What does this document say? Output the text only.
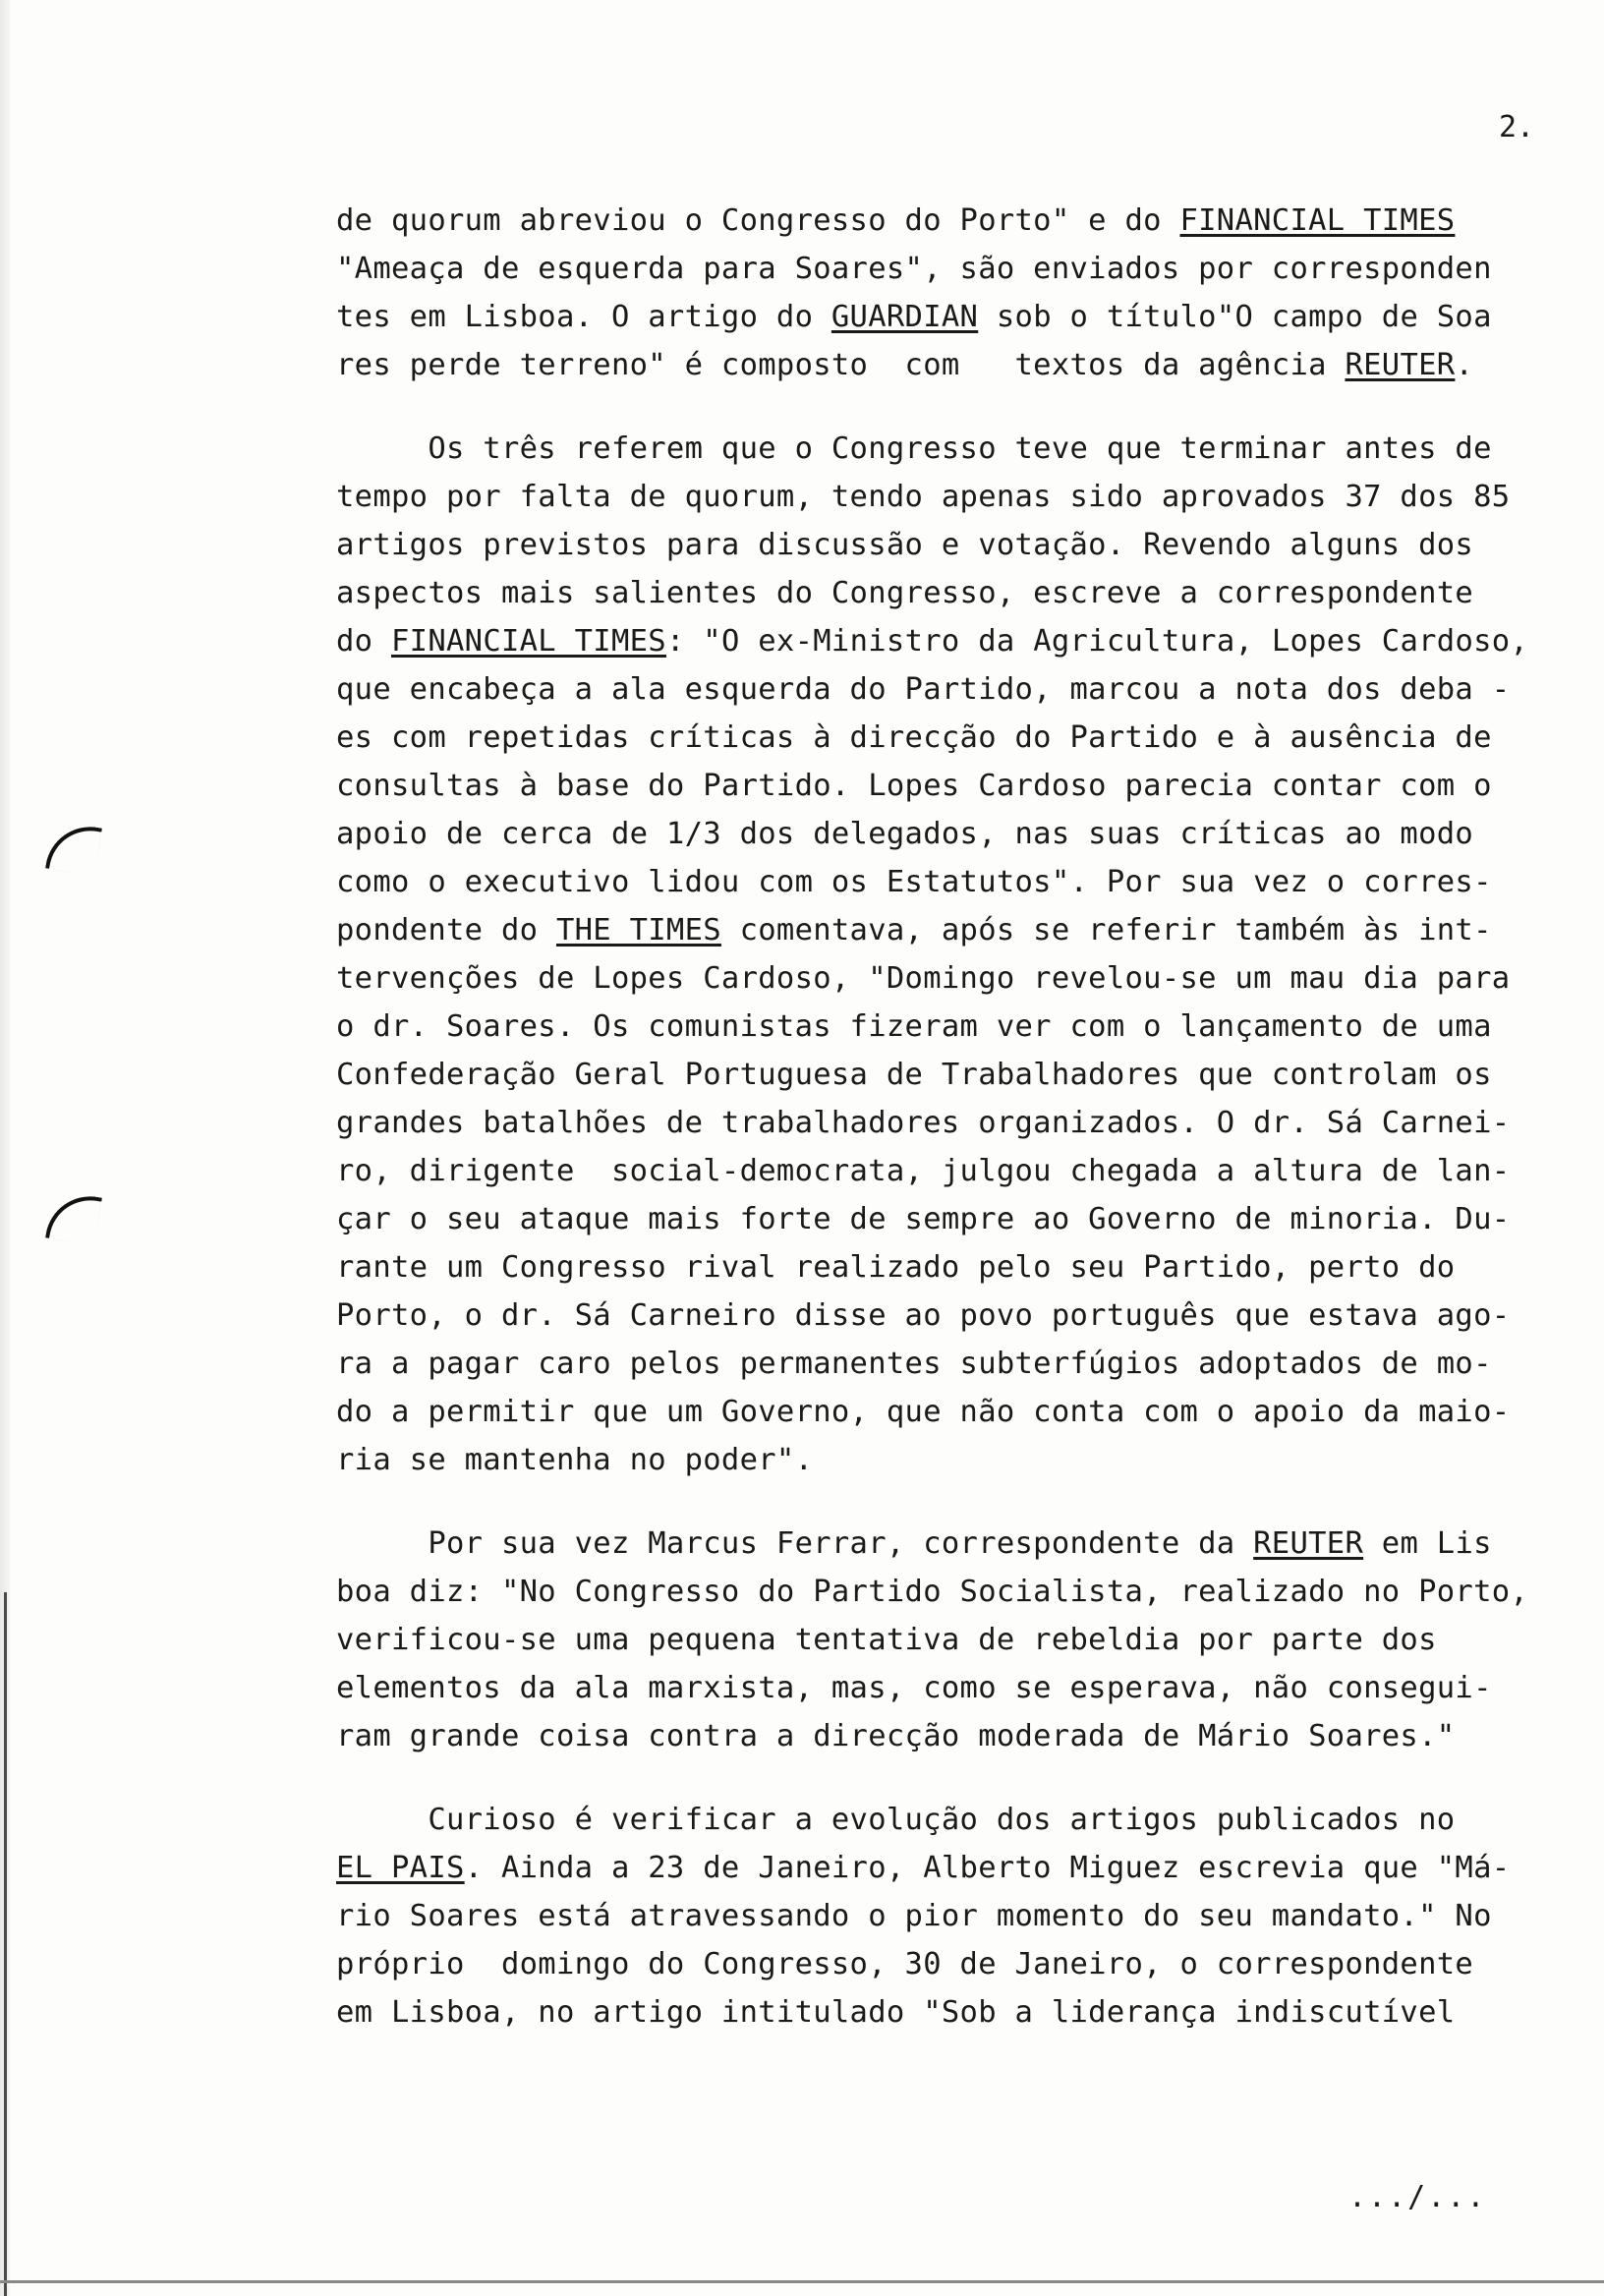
2.
de quorum abreviou o Congresso do Porto" e do FINANCIAL TIMES
"Ameaça de esquerda para Soares", são enviados por corresponden
tes em Lisboa. O artigo do GUARDIAN sob o título"O campo de Soa
res perde terreno" é composto  com   textos da agência REUTER.
Os três referem que o Congresso teve que terminar antes de
tempo por falta de quorum, tendo apenas sido aprovados 37 dos 85
artigos previstos para discussão e votação. Revendo alguns dos
aspectos mais salientes do Congresso, escreve a correspondente
do FINANCIAL TIMES: "O ex-Ministro da Agricultura, Lopes Cardoso,
que encabeça a ala esquerda do Partido, marcou a nota dos deba -
es com repetidas críticas à direcção do Partido e à ausência de
consultas à base do Partido. Lopes Cardoso parecia contar com o
apoio de cerca de 1/3 dos delegados, nas suas críticas ao modo
como o executivo lidou com os Estatutos". Por sua vez o corres-
pondente do THE TIMES comentava, após se referir também às int-
tervenções de Lopes Cardoso, "Domingo revelou-se um mau dia para
o dr. Soares. Os comunistas fizeram ver com o lançamento de uma
Confederação Geral Portuguesa de Trabalhadores que controlam os
grandes batalhões de trabalhadores organizados. O dr. Sá Carnei-
ro, dirigente  social-democrata, julgou chegada a altura de lan-
çar o seu ataque mais forte de sempre ao Governo de minoria. Du-
rante um Congresso rival realizado pelo seu Partido, perto do
Porto, o dr. Sá Carneiro disse ao povo português que estava ago-
ra a pagar caro pelos permanentes subterfúgios adoptados de mo-
do a permitir que um Governo, que não conta com o apoio da maio-
ria se mantenha no poder".
Por sua vez Marcus Ferrar, correspondente da REUTER em Lis
boa diz: "No Congresso do Partido Socialista, realizado no Porto,
verificou-se uma pequena tentativa de rebeldia por parte dos
elementos da ala marxista, mas, como se esperava, não consegui-
ram grande coisa contra a direcção moderada de Mário Soares."
Curioso é verificar a evolução dos artigos publicados no
EL PAIS. Ainda a 23 de Janeiro, Alberto Miguez escrevia que "Má-
rio Soares está atravessando o pior momento do seu mandato." No
próprio  domingo do Congresso, 30 de Janeiro, o correspondente
em Lisboa, no artigo intitulado "Sob a liderança indiscutível
.../...
